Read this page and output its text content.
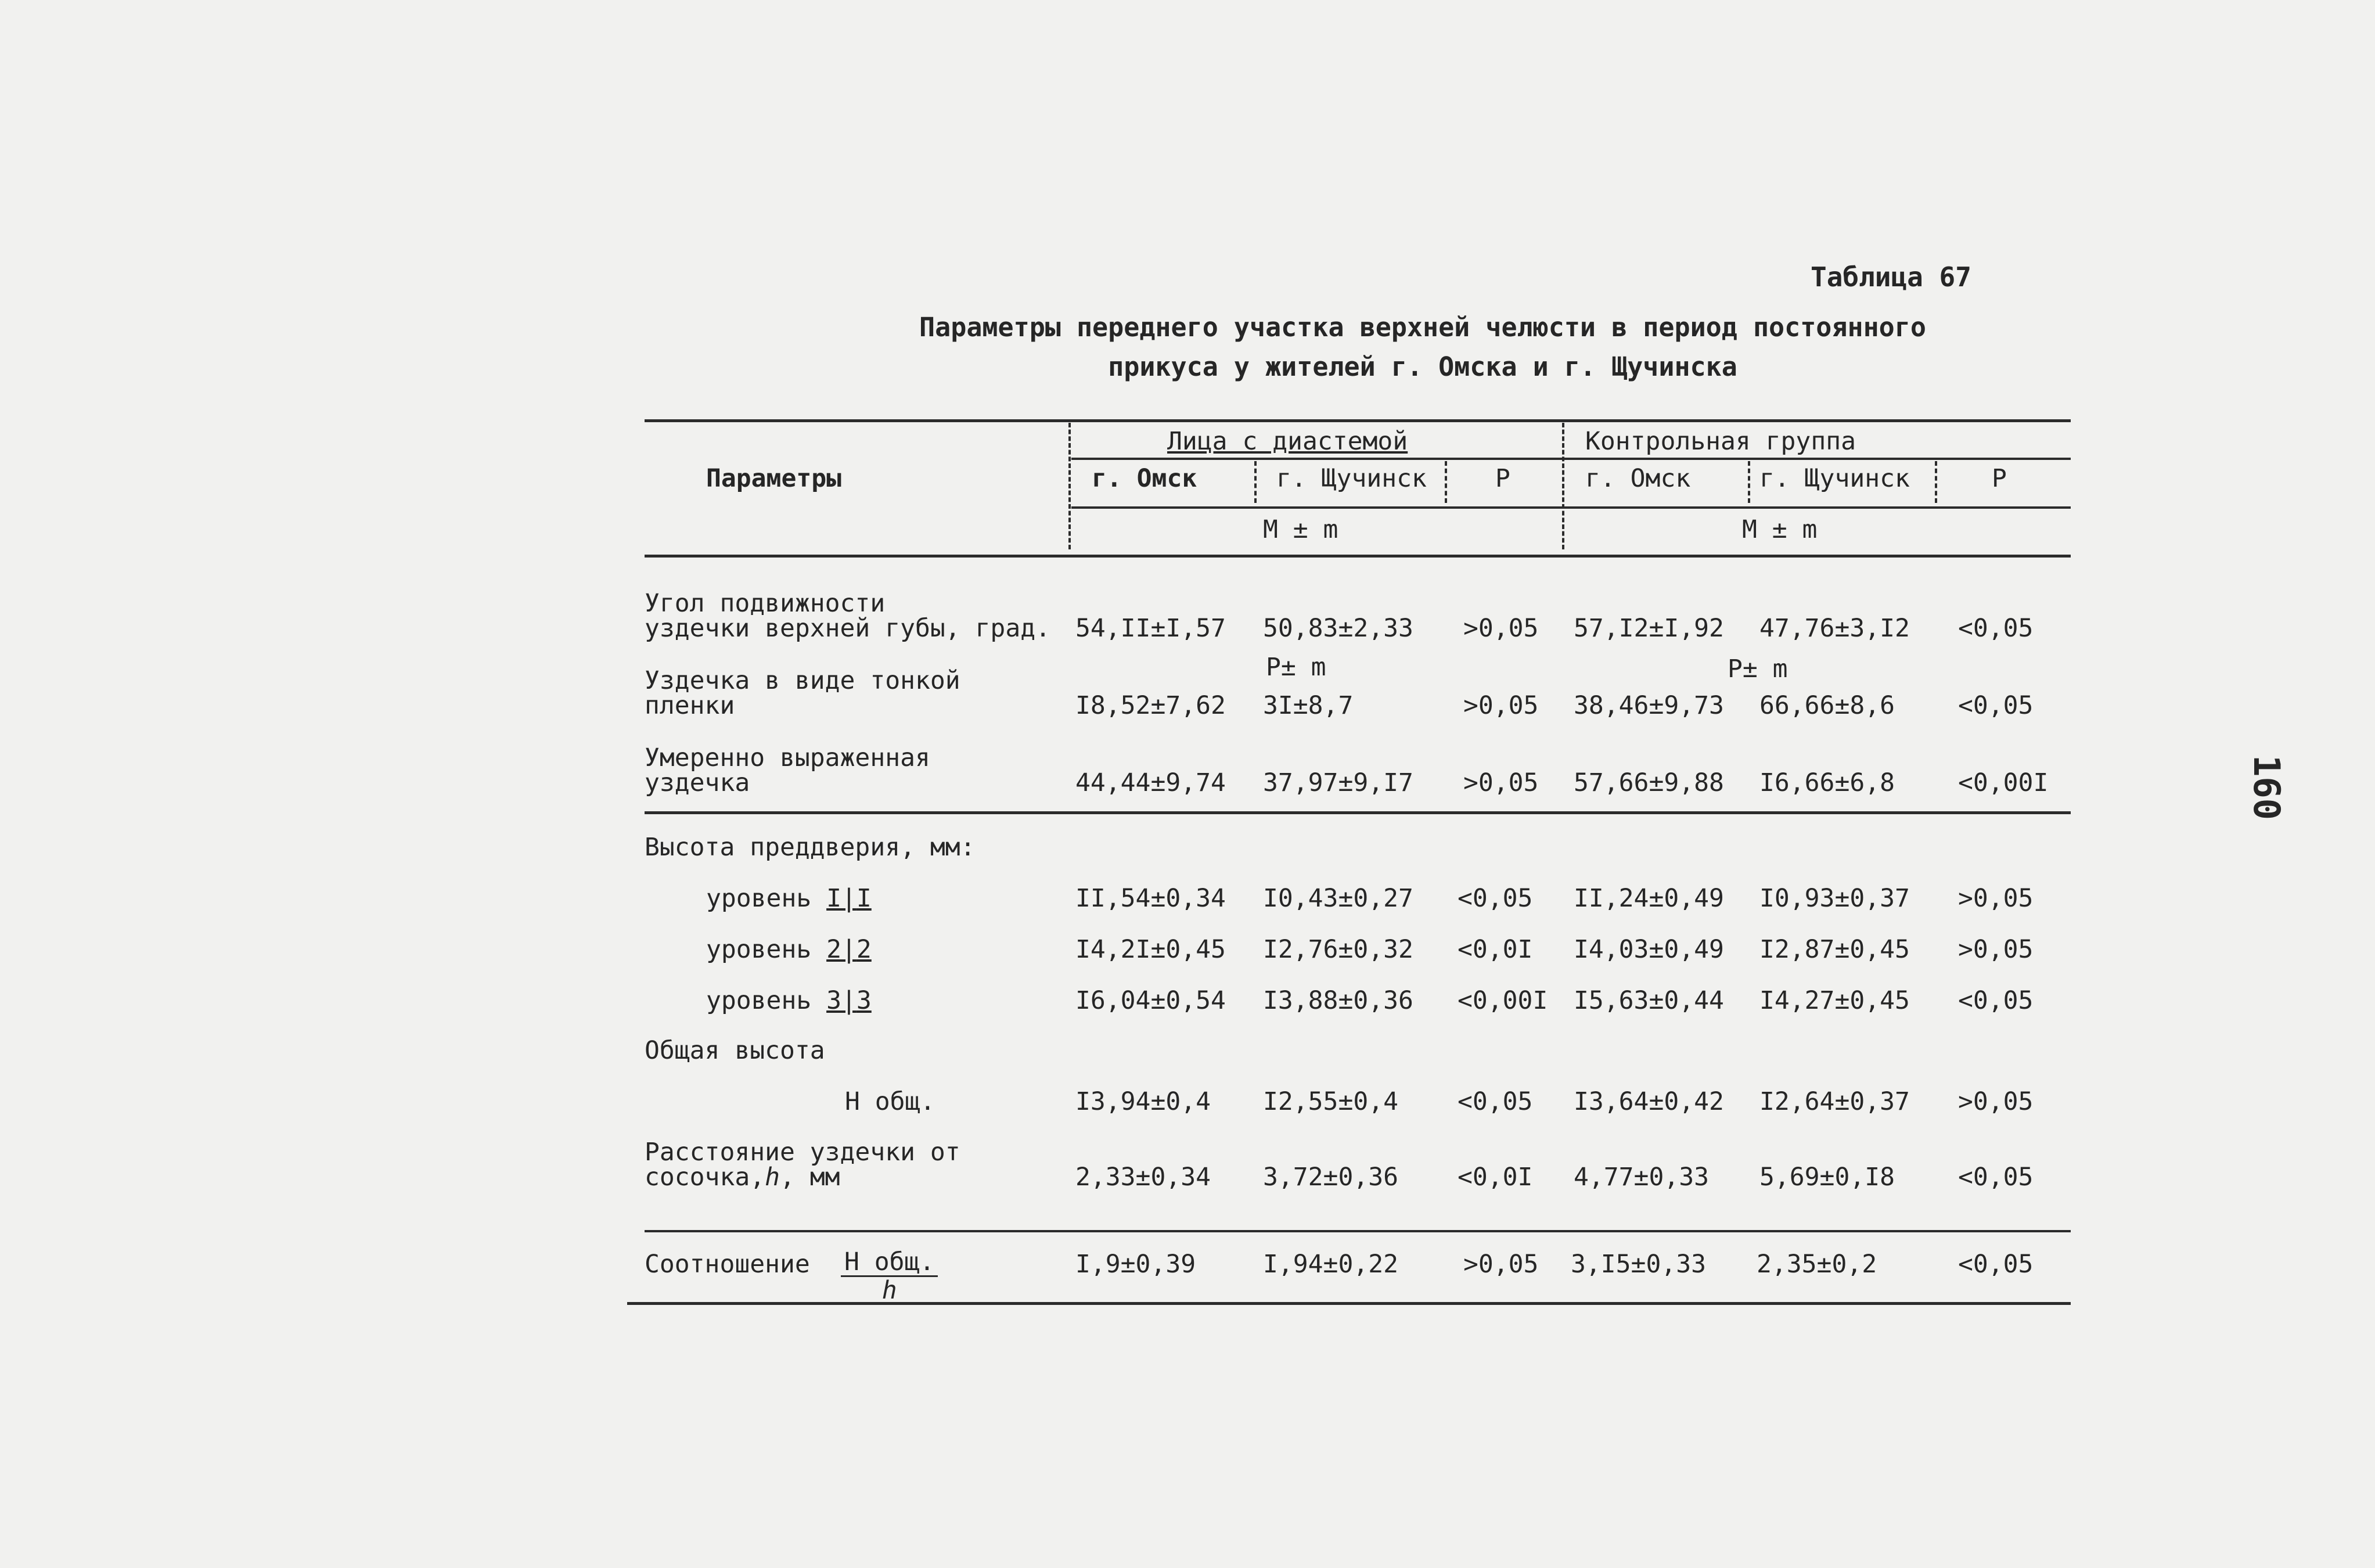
Таблица 67
Параметры переднего участка верхней челюсти в период постоянного
прикуса у жителей г. Омска и г. Щучинска
160
Параметры
Лица с диастемой	Контрольная группа
г. Омск	г. Щучинск	Р	г. Омск	г. Щучинск	Р
M ± m	M ± m
Угол подвижности
уздечки верхней губы, град. 54,II±I,57 50,83±2,33 >0,05 57,I2±I,92 47,76±3,I2 <0,05
P± m	P± m
Уздечка в виде тонкой
пленки	I8,52±7,62 3I±8,7	>0,05 38,46±9,73 66,66±8,6	<0,05
Умеренно выраженная
уздечка	44,44±9,74 37,97±9,I7 >0,05 57,66±9,88 I6,66±6,8	<0,00I
Высота преддверия, мм:
уровень I|I	II,54±0,34 I0,43±0,27 <0,05 II,24±0,49 I0,93±0,37 >0,05
уровень 2|2	I4,2I±0,45 I2,76±0,32 <0,0I I4,03±0,49 I2,87±0,45 >0,05
уровень 3|3	I6,04±0,54 I3,88±0,36 <0,00I I5,63±0,44 I4,27±0,45 <0,05
Общая высота
Н общ.	I3,94±0,4 I2,55±0,4 <0,05 I3,64±0,42 I2,64±0,37 >0,05
Расстояние уздечки от
сосочка,h, мм	2,33±0,34 3,72±0,36 <0,0I 4,77±0,33 5,69±0,I8	<0,05
Соотношение Н общ.
h
I,9±0,39	I,94±0,22	>0,05 3,I5±0,33 2,35±0,2	<0,05
